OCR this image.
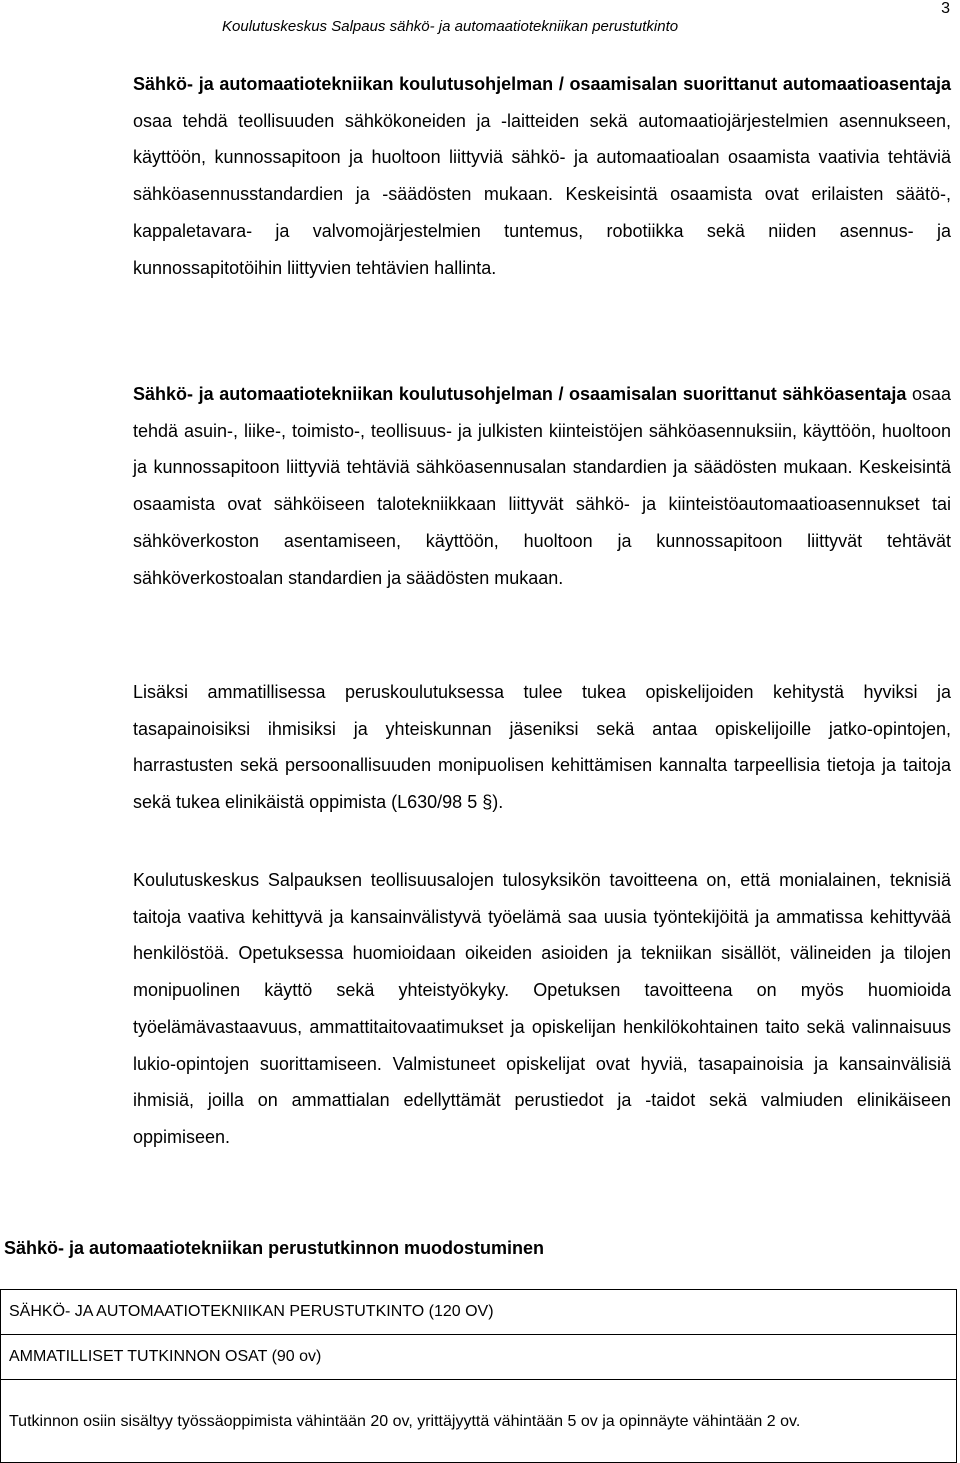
Koulutuskeskus Salpaus sähkö- ja automaatiotekniikan perustutkinto
3

Sähkö- ja automaatiotekniikan koulutusohjelman / osaamisalan suorittanut automaatioasentaja osaa tehdä teollisuuden sähkökoneiden ja -laitteiden sekä automaatiojärjestelmien asennukseen, käyttöön, kunnossapitoon ja huoltoon liittyviä sähkö- ja automaatioalan osaamista vaativia tehtäviä sähköasennusstandardien ja -säädösten mukaan. Keskeisintä osaamista ovat erilaisten säätö-, kappaletavara- ja valvomojärjestelmien tuntemus, robotiikka sekä niiden asennus- ja kunnossapitotöihin liittyvien tehtävien hallinta.

Sähkö- ja automaatiotekniikan koulutusohjelman / osaamisalan suorittanut sähköasentaja osaa tehdä asuin-, liike-, toimisto-, teollisuus- ja julkisten kiinteistöjen sähköasennuksiin, käyttöön, huoltoon ja kunnossapitoon liittyviä tehtäviä sähköasennusalan standardien ja säädösten mukaan. Keskeisintä osaamista ovat sähköiseen talotekniikkaan liittyvät sähkö- ja kiinteistöautomaatioasennukset tai sähköverkoston asentamiseen, käyttöön, huoltoon ja kunnossapitoon liittyvät tehtävät sähköverkostoalan standardien ja säädösten mukaan.

Lisäksi ammatillisessa peruskoulutuksessa tulee tukea opiskelijoiden kehitystä hyviksi ja tasapainoisiksi ihmisiksi ja yhteiskunnan jäseniksi sekä antaa opiskelijoille jatko-opintojen, harrastusten sekä persoonallisuuden monipuolisen kehittämisen kannalta tarpeellisia tietoja ja taitoja sekä tukea elinikäistä oppimista (L630/98 5 §).

Koulutuskeskus Salpauksen teollisuusalojen tulosyksikön tavoitteena on, että monialainen, teknisiä taitoja vaativa kehittyvä ja kansainvälistyvä työelämä saa uusia työntekijöitä ja ammatissa kehittyvää henkilöstöä. Opetuksessa huomioidaan oikeiden asioiden ja tekniikan sisällöt, välineiden ja tilojen monipuolinen käyttö sekä yhteistyökyky. Opetuksen tavoitteena on myös huomioida työelämävastaavuus, ammattitaitovaatimukset ja opiskelijan henkilökohtainen taito sekä valinnaisuus lukio-opintojen suorittamiseen. Valmistuneet opiskelijat ovat hyviä, tasapainoisia ja kansainvälisiä ihmisiä, joilla on ammattialan edellyttämät perustiedot ja -taidot sekä valmiuden elinikäiseen oppimiseen.

Sähkö- ja automaatiotekniikan perustutkinnon muodostuminen
SÄHKÖ- JA AUTOMAATIOTEKNIIKAN PERUSTUTKINTO (120 OV)
AMMATILLISET TUTKINNON OSAT (90 ov)
Tutkinnon osiin sisältyy työssäoppimista vähintään 20 ov, yrittäjyyttä vähintään 5 ov ja opinnäyte vähintään 2 ov.
